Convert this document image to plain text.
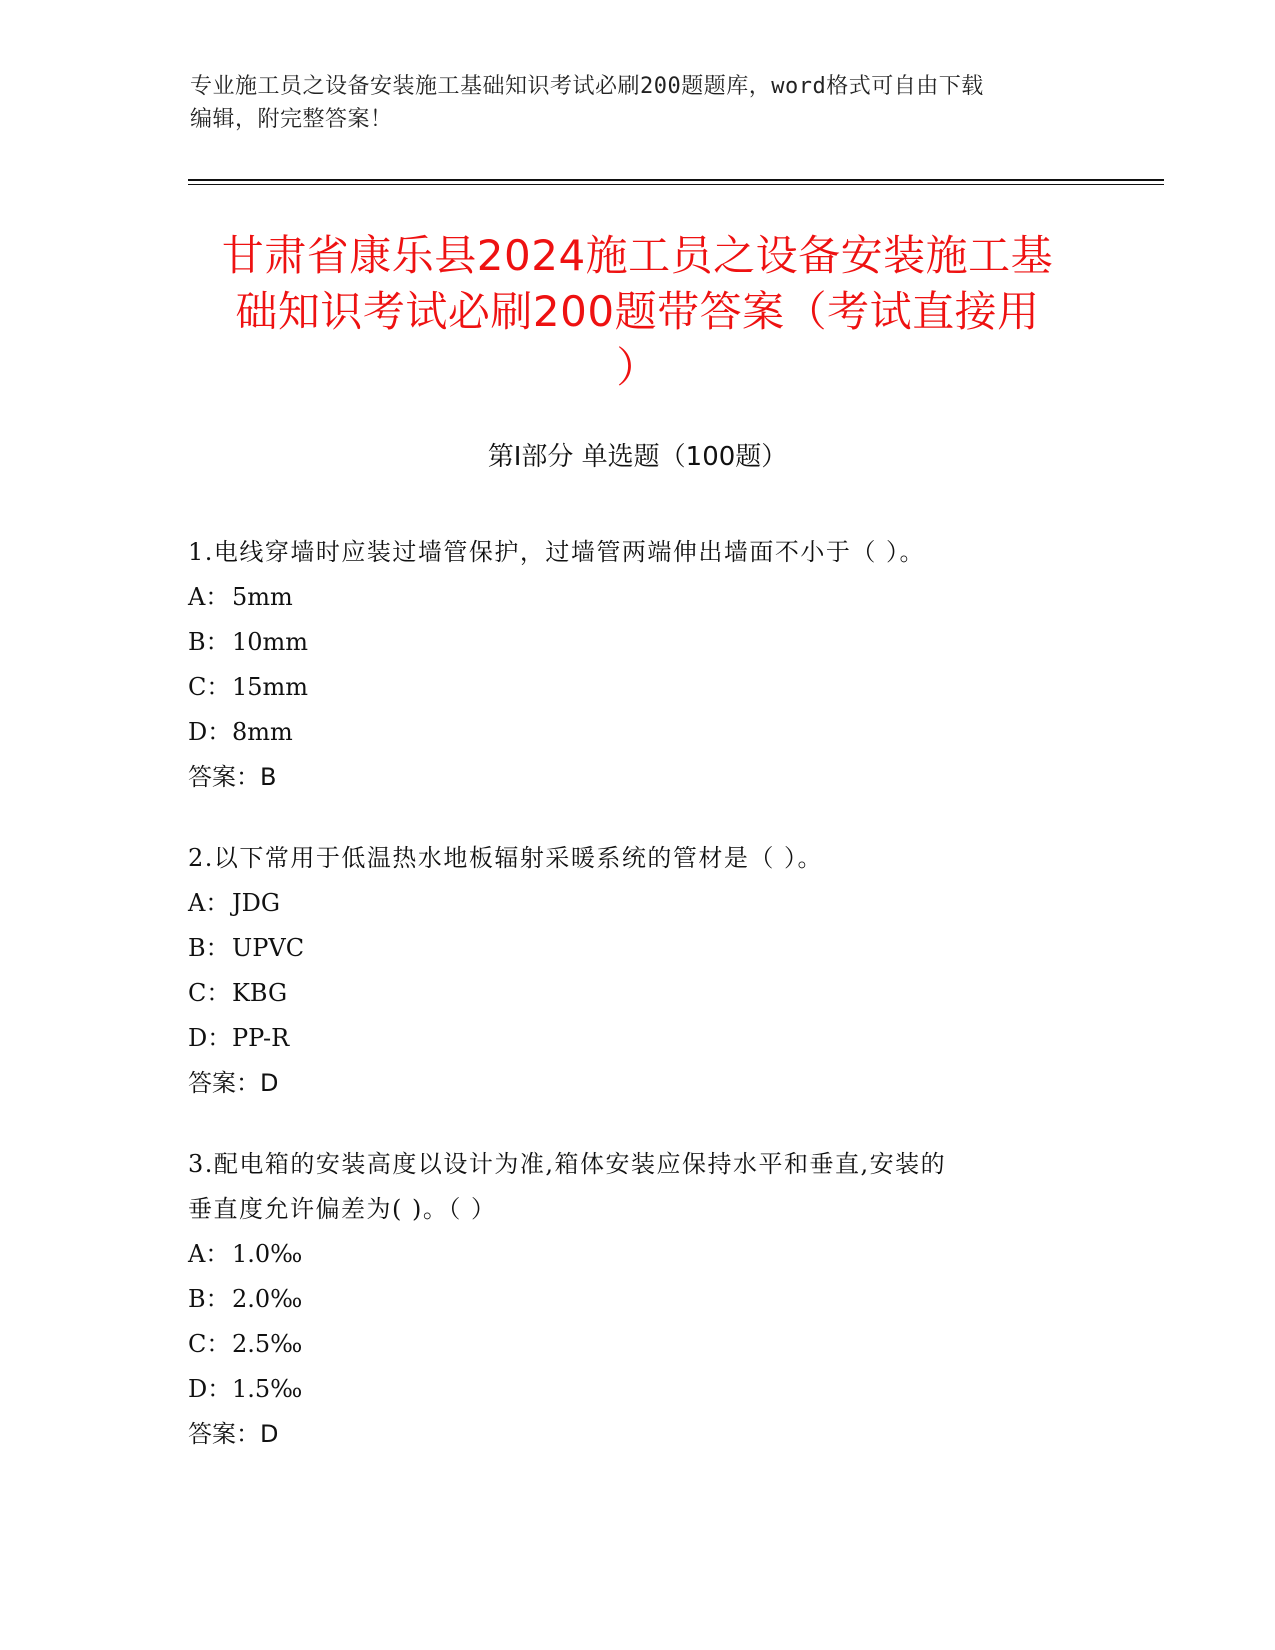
专业施工员之设备安装施工基础知识考试必刷200题题库，word格式可自由下载
编辑，附完整答案！
甘肃省康乐县2024施工员之设备安装施工基
础知识考试必刷200题带答案（考试直接用
）
第I部分 单选题（100题）
1.电线穿墙时应装过墙管保护，过墙管两端伸出墙面不小于（ ）。
A： 5mm
B：10mm
C：15mm
D：8mm
答案：B
2.以下常用于低温热水地板辐射采暖系统的管材是（ ）。
A： JDG
B：UPVC
C：KBG
D：PP-R
答案：D
3.配电箱的安装高度以设计为准,箱体安装应保持水平和垂直,安装的
垂直度允许偏差为( )。（ ）
A： 1.0‰
B：2.0‰
C：2.5‰
D：1.5‰
答案：D
